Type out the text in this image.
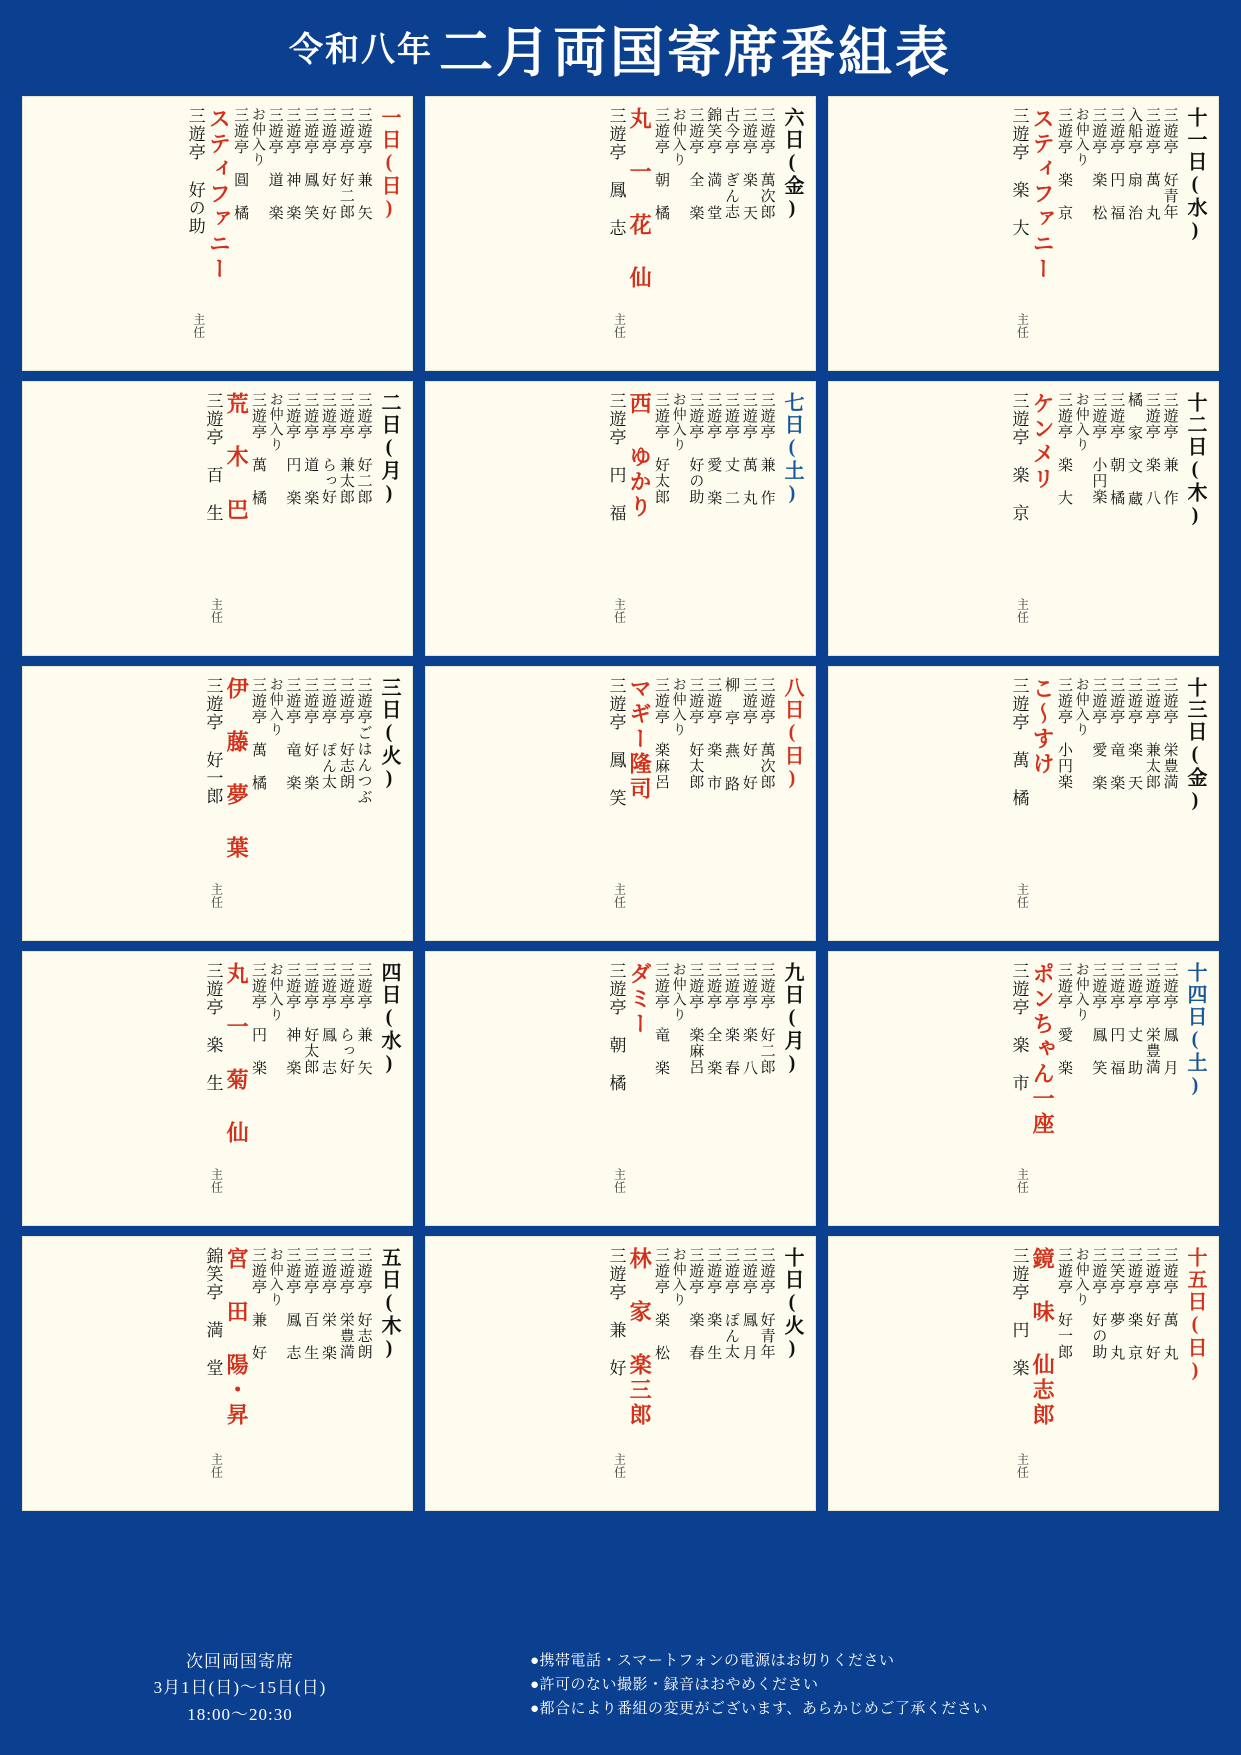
令和八年 二月両国寄席番組表
一日(日)
三遊亭 兼 矢
三遊亭 好二郎
三遊亭 好 好
三遊亭 鳳 笑
三遊亭 神 楽
三遊亭 道 楽
お仲入り
三遊亭 圓 橘
スティファニー
主任
三遊亭 好の助	六日(金)
三遊亭 萬次郎
三遊亭 楽 天
古今亭 ぎん志
錦笑亭 満 堂
三遊亭 全 楽
お仲入り
三遊亭 朝 橘
丸 一 花 仙
主任
三遊亭 鳳 志	十一日(水)
三遊亭 好青年
三遊亭 萬 丸
入船亭 扇 治
三遊亭 円 福
三遊亭 楽 松
お仲入り
三遊亭 楽 京
スティファニー
主任
三遊亭 楽 大
二日(月)
三遊亭 好二郎
三遊亭 兼太郎
三遊亭 らっ好
三遊亭 道 楽
三遊亭 円 楽
お仲入り
三遊亭 萬 橘
荒 木 巴
主任
三遊亭 百 生	七日(土)
三遊亭 兼 作
三遊亭 萬 丸
三遊亭 丈 二
三遊亭 愛 楽
三遊亭 好の助
お仲入り
三遊亭 好太郎
西 ゆかり
主任
三遊亭 円 福	十二日(木)
三遊亭 兼 作
三遊亭 楽 八
橘 家 文 蔵
三遊亭 朝 橘
三遊亭 小円楽
お仲入り
三遊亭 楽 大
ケンメリ
主任
三遊亭 楽 京
三日(火)
三遊亭ごはんつぶ
三遊亭 好志朗
三遊亭 ぽん太
三遊亭 好 楽
三遊亭 竜 楽
お仲入り
三遊亭 萬 橘
伊 藤 夢 葉
主任
三遊亭 好一郎	八日(日)
三遊亭 萬次郎
三遊亭 好 好
柳 亭 燕 路
三遊亭 楽 市
三遊亭 好太郎
お仲入り
三遊亭 楽麻呂
マギー隆司
主任
三遊亭 鳳 笑	十三日(金)
三遊亭 栄豊満
三遊亭 兼太郎
三遊亭 楽 天
三遊亭 竜 楽
三遊亭 愛 楽
お仲入り
三遊亭 小円楽
こ～すけ
主任
三遊亭 萬 橘
四日(水)
三遊亭 兼 矢
三遊亭 らっ好
三遊亭 鳳 志
三遊亭 好太郎
三遊亭 神 楽
お仲入り
三遊亭 円 楽
丸 一 菊 仙
主任
三遊亭 楽 生	九日(月)
三遊亭 好二郎
三遊亭 楽 八
三遊亭 楽 春
三遊亭 全 楽
三遊亭 楽麻呂
お仲入り
三遊亭 竜 楽
ダミー
主任
三遊亭 朝 橘	十四日(土)
三遊亭 鳳 月
三遊亭 栄豊満
三遊亭 丈 助
三遊亭 円 福
三遊亭 鳳 笑
お仲入り
三遊亭 愛 楽
ポンちゃん一座
主任
三遊亭 楽 市
五日(木)
三遊亭 好志朗
三遊亭 栄豊満
三遊亭 栄 楽
三遊亭 百 生
三遊亭 鳳 志
お仲入り
三遊亭 兼 好
宮 田 陽・昇
主任
錦笑亭 満 堂	十日(火)
三遊亭 好青年
三遊亭 鳳 月
三遊亭 ぽん太
三遊亭 楽 生
三遊亭 楽 春
お仲入り
三遊亭 楽 松
林 家 楽三郎
主任
三遊亭 兼 好	十五日(日)
三遊亭 萬 丸
三遊亭 好 好
三遊亭 楽 京
三笑亭 夢 丸
三遊亭 好の助
お仲入り
三遊亭 好一郎
鏡 味 仙志郎
主任
三遊亭 円 楽
次回両国寄席
3月1日(日)〜15日(日)
18:00〜20:30
●携帯電話・スマートフォンの電源はお切りください
●許可のない撮影・録音はおやめください
●都合により番組の変更がございます、あらかじめご了承ください
